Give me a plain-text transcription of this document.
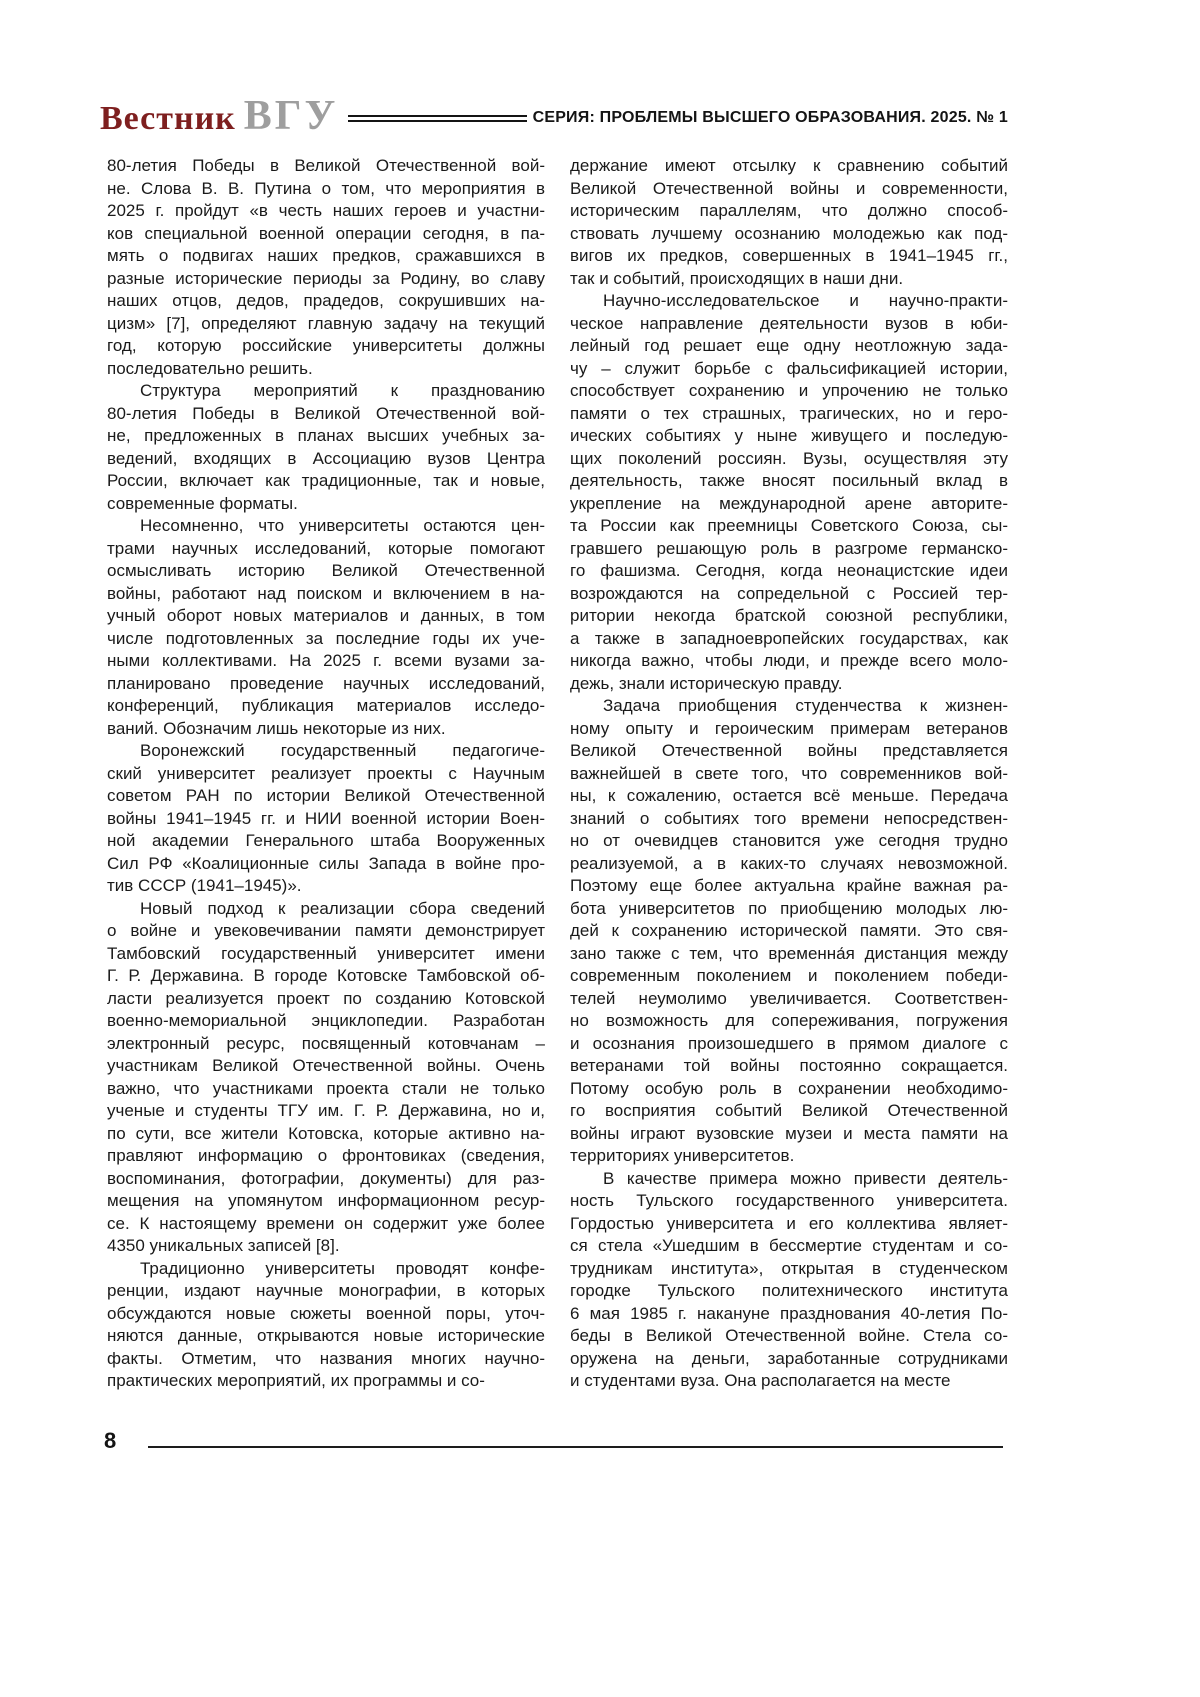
Вестник ВГУ	СЕРИЯ: ПРОБЛЕМЫ ВЫСШЕГО ОБРАЗОВАНИЯ. 2025. № 1
80-летия Победы в Великой Отечественной вой-
не. Слова В. В. Путина о том, что мероприятия в
2025 г. пройдут «в честь наших героев и участни-
ков специальной военной операции сегодня, в па-
мять о подвигах наших предков, сражавшихся в
разные исторические периоды за Родину, во славу
наших отцов, дедов, прадедов, сокрушивших на-
цизм» [7], определяют главную задачу на текущий
год, которую российские университеты должны
последовательно решить.
Структура мероприятий к празднованию
80-летия Победы в Великой Отечественной вой-
не, предложенных в планах высших учебных за-
ведений, входящих в Ассоциацию вузов Центра
России, включает как традиционные, так и новые,
современные форматы.
Несомненно, что университеты остаются цен-
трами научных исследований, которые помогают
осмысливать историю Великой Отечественной
войны, работают над поиском и включением в на-
учный оборот новых материалов и данных, в том
числе подготовленных за последние годы их уче-
ными коллективами. На 2025 г. всеми вузами за-
планировано проведение научных исследований,
конференций, публикация материалов исследо-
ваний. Обозначим лишь некоторые из них.
Воронежский государственный педагогиче-
ский университет реализует проекты с Научным
советом РАН по истории Великой Отечественной
войны 1941–1945 гг. и НИИ военной истории Воен-
ной академии Генерального штаба Вооруженных
Сил РФ «Коалиционные силы Запада в войне про-
тив СССР (1941–1945)».
Новый подход к реализации сбора сведений
о войне и увековечивании памяти демонстрирует
Тамбовский государственный университет имени
Г. Р. Державина. В городе Котовске Тамбовской об-
ласти реализуется проект по созданию Котовской
военно-мемориальной энциклопедии. Разработан
электронный ресурс, посвященный котовчанам –
участникам Великой Отечественной войны. Очень
важно, что участниками проекта стали не только
ученые и студенты ТГУ им. Г. Р. Державина, но и,
по сути, все жители Котовска, которые активно на-
правляют информацию о фронтовиках (сведения,
воспоминания, фотографии, документы) для раз-
мещения на упомянутом информационном ресур-
се. К настоящему времени он содержит уже более
4350 уникальных записей [8].
Традиционно университеты проводят конфе-
ренции, издают научные монографии, в которых
обсуждаются новые сюжеты военной поры, уточ-
няются данные, открываются новые исторические
факты. Отметим, что названия многих научно-
практических мероприятий, их программы и со-
держание имеют отсылку к сравнению событий
Великой Отечественной войны и современности,
историческим параллелям, что должно способ-
ствовать лучшему осознанию молодежью как под-
вигов их предков, совершенных в 1941–1945 гг.,
так и событий, происходящих в наши дни.
Научно-исследовательское и научно-практи-
ческое направление деятельности вузов в юби-
лейный год решает еще одну неотложную зада-
чу – служит борьбе с фальсификацией истории,
способствует сохранению и упрочению не только
памяти о тех страшных, трагических, но и геро-
ических событиях у ныне живущего и последую-
щих поколений россиян. Вузы, осуществляя эту
деятельность, также вносят посильный вклад в
укрепление на международной арене авторите-
та России как преемницы Советского Союза, сы-
гравшего решающую роль в разгроме германско-
го фашизма. Сегодня, когда неонацистские идеи
возрождаются на сопредельной с Россией тер-
ритории некогда братской союзной республики,
а также в западноевропейских государствах, как
никогда важно, чтобы люди, и прежде всего моло-
дежь, знали историческую правду.
Задача приобщения студенчества к жизнен-
ному опыту и героическим примерам ветеранов
Великой Отечественной войны представляется
важнейшей в свете того, что современников вой-
ны, к сожалению, остается всё меньше. Передача
знаний о событиях того времени непосредствен-
но от очевидцев становится уже сегодня трудно
реализуемой, а в каких-то случаях невозможной.
Поэтому еще более актуальна крайне важная ра-
бота университетов по приобщению молодых лю-
дей к сохранению исторической памяти. Это свя-
зано также с тем, что временна́я дистанция между
современным поколением и поколением победи-
телей неумолимо увеличивается. Соответствен-
но возможность для сопереживания, погружения
и осознания произошедшего в прямом диалоге с
ветеранами той войны постоянно сокращается.
Потому особую роль в сохранении необходимо-
го восприятия событий Великой Отечественной
войны играют вузовские музеи и места памяти на
территориях университетов.
В качестве примера можно привести деятель-
ность Тульского государственного университета.
Гордостью университета и его коллектива являет-
ся стела «Ушедшим в бессмертие студентам и со-
трудникам института», открытая в студенческом
городке Тульского политехнического института
6 мая 1985 г. накануне празднования 40-летия По-
беды в Великой Отечественной войне. Стела со-
оружена на деньги, заработанные сотрудниками
и студентами вуза. Она располагается на месте
8
